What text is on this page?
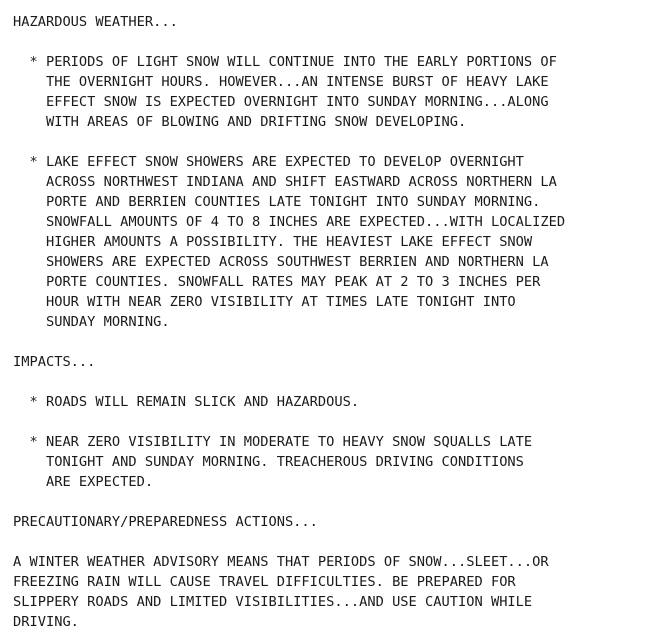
HAZARDOUS WEATHER...
* PERIODS OF LIGHT SNOW WILL CONTINUE INTO THE EARLY PORTIONS OF
THE OVERNIGHT HOURS. HOWEVER...AN INTENSE BURST OF HEAVY LAKE
EFFECT SNOW IS EXPECTED OVERNIGHT INTO SUNDAY MORNING...ALONG
WITH AREAS OF BLOWING AND DRIFTING SNOW DEVELOPING.
* LAKE EFFECT SNOW SHOWERS ARE EXPECTED TO DEVELOP OVERNIGHT
ACROSS NORTHWEST INDIANA AND SHIFT EASTWARD ACROSS NORTHERN LA
PORTE AND BERRIEN COUNTIES LATE TONIGHT INTO SUNDAY MORNING.
SNOWFALL AMOUNTS OF 4 TO 8 INCHES ARE EXPECTED...WITH LOCALIZED
HIGHER AMOUNTS A POSSIBILITY. THE HEAVIEST LAKE EFFECT SNOW
SHOWERS ARE EXPECTED ACROSS SOUTHWEST BERRIEN AND NORTHERN LA
PORTE COUNTIES. SNOWFALL RATES MAY PEAK AT 2 TO 3 INCHES PER
HOUR WITH NEAR ZERO VISIBILITY AT TIMES LATE TONIGHT INTO
SUNDAY MORNING.
IMPACTS...
* ROADS WILL REMAIN SLICK AND HAZARDOUS.
* NEAR ZERO VISIBILITY IN MODERATE TO HEAVY SNOW SQUALLS LATE
TONIGHT AND SUNDAY MORNING. TREACHEROUS DRIVING CONDITIONS
ARE EXPECTED.
PRECAUTIONARY/PREPAREDNESS ACTIONS...
A WINTER WEATHER ADVISORY MEANS THAT PERIODS OF SNOW...SLEET...OR
FREEZING RAIN WILL CAUSE TRAVEL DIFFICULTIES. BE PREPARED FOR
SLIPPERY ROADS AND LIMITED VISIBILITIES...AND USE CAUTION WHILE
DRIVING.
